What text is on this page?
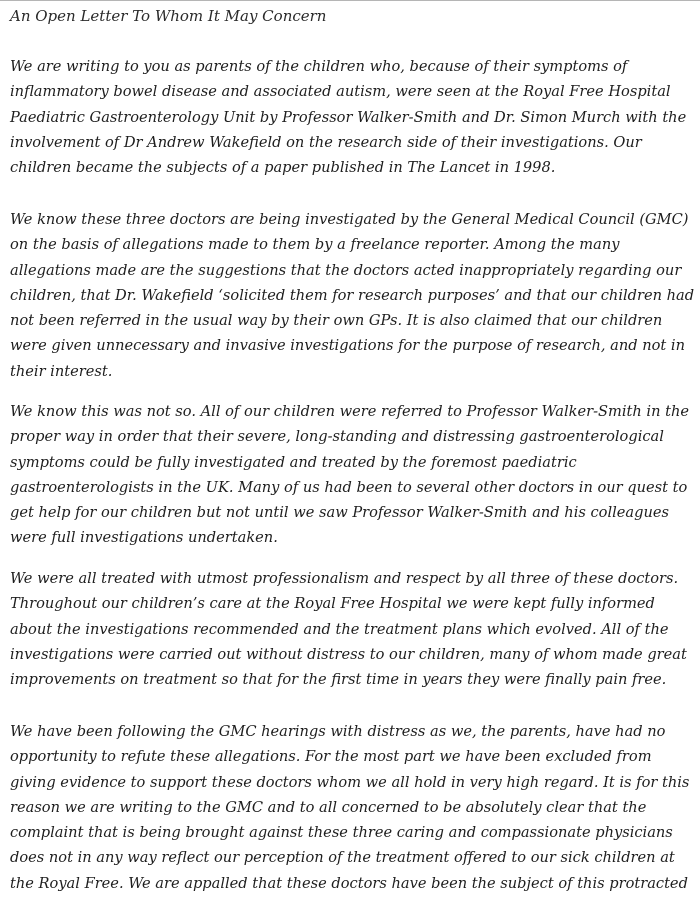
An Open Letter To Whom It May Concern

We are writing to you as parents of the children who, because of their symptoms of inflammatory bowel disease and associated autism, were seen at the Royal Free Hospital Paediatric Gastroenterology Unit by Professor Walker-Smith and Dr. Simon Murch with the involvement of Dr Andrew Wakefield on the research side of their investigations. Our children became the subjects of a paper published in The Lancet in 1998.

We know these three doctors are being investigated by the General Medical Council (GMC) on the basis of allegations made to them by a freelance reporter. Among the many allegations made are the suggestions that the doctors acted inappropriately regarding our children, that Dr. Wakefield ‘solicited them for research purposes’ and that our children had not been referred in the usual way by their own GPs. It is also claimed that our children were given unnecessary and invasive investigations for the purpose of research, and not in their interest.

We know this was not so. All of our children were referred to Professor Walker-Smith in the proper way in order that their severe, long-standing and distressing gastroenterological symptoms could be fully investigated and treated by the foremost paediatric gastroenterologists in the UK. Many of us had been to several other doctors in our quest to get help for our children but not until we saw Professor Walker-Smith and his colleagues were full investigations undertaken.

We were all treated with utmost professionalism and respect by all three of these doctors. Throughout our children’s care at the Royal Free Hospital we were kept fully informed about the investigations recommended and the treatment plans which evolved. All of the investigations were carried out without distress to our children, many of whom made great improvements on treatment so that for the first time in years they were finally pain free.

We have been following the GMC hearings with distress as we, the parents, have had no opportunity to refute these allegations. For the most part we have been excluded from giving evidence to support these doctors whom we all hold in very high regard. It is for this reason we are writing to the GMC and to all concerned to be absolutely clear that the complaint that is being brought against these three caring and compassionate physicians does not in any way reflect our perception of the treatment offered to our sick children at the Royal Free. We are appalled that these doctors have been the subject of this protracted
